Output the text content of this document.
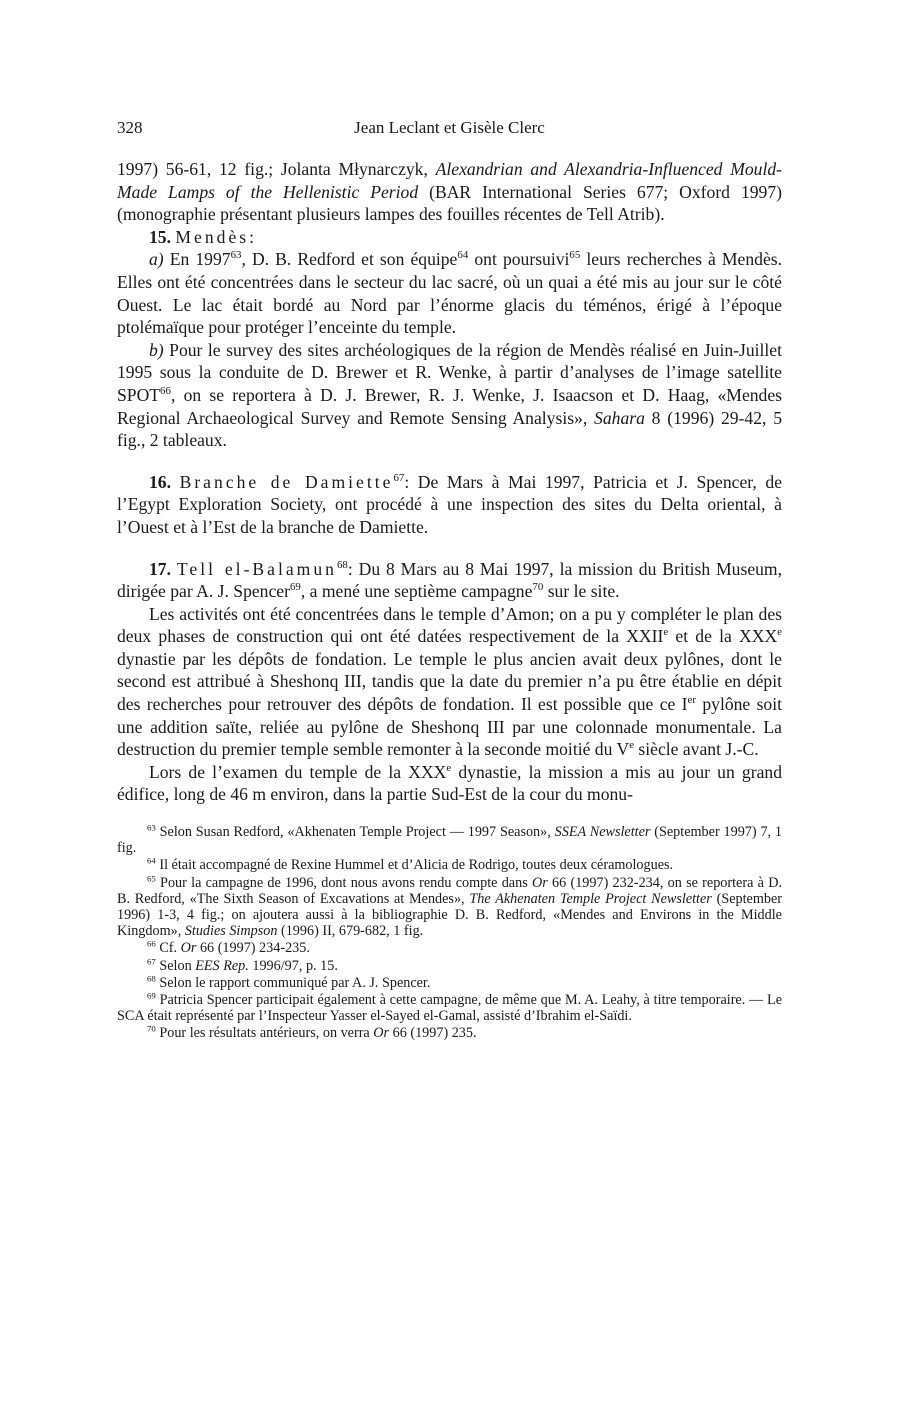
328	Jean Leclant et Gisèle Clerc

1997) 56-61, 12 fig.; Jolanta Młynarczyk, Alexandrian and Alexandria-Influenced Mould-Made Lamps of the Hellenistic Period (BAR International Series 677; Oxford 1997) (monographie présentant plusieurs lampes des fouilles récentes de Tell Atrib).

15. Mendès:

a) En 1997$^{63}$, D. B. Redford et son équipe$^{64}$ ont poursuivi$^{65}$ leurs recherches à Mendès. Elles ont été concentrées dans le secteur du lac sacré, où un quai a été mis au jour sur le côté Ouest. Le lac était bordé au Nord par l’énorme glacis du téménos, érigé à l’époque ptolémaïque pour protéger l’enceinte du temple.

b) Pour le survey des sites archéologiques de la région de Mendès réalisé en Juin-Juillet 1995 sous la conduite de D. Brewer et R. Wenke, à partir d’analyses de l’image satellite SPOT$^{66}$, on se reportera à D. J. Brewer, R. J. Wenke, J. Isaacson et D. Haag, «Mendes Regional Archaeological Survey and Remote Sensing Analysis», Sahara 8 (1996) 29-42, 5 fig., 2 tableaux.

16. Branche de Damiette$^{67}$: De Mars à Mai 1997, Patricia et J. Spencer, de l’Egypt Exploration Society, ont procédé à une inspection des sites du Delta oriental, à l’Ouest et à l’Est de la branche de Damiette.

17. Tell el-Balamun$^{68}$: Du 8 Mars au 8 Mai 1997, la mission du British Museum, dirigée par A. J. Spencer$^{69}$, a mené une septième campagne$^{70}$ sur le site.

Les activités ont été concentrées dans le temple d’Amon; on a pu y compléter le plan des deux phases de construction qui ont été datées respectivement de la XXIIe et de la XXXe dynastie par les dépôts de fondation. Le temple le plus ancien avait deux pylônes, dont le second est attribué à Sheshonq III, tandis que la date du premier n’a pu être établie en dépit des recherches pour retrouver des dépôts de fondation. Il est possible que ce Ier pylône soit une addition saïte, reliée au pylône de Sheshonq III par une colonnade monumentale. La destruction du premier temple semble remonter à la seconde moitié du Ve siècle avant J.-C.

Lors de l’examen du temple de la XXXe dynastie, la mission a mis au jour un grand édifice, long de 46 m environ, dans la partie Sud-Est de la cour du monu-

$^{63}$ Selon Susan Redford, «Akhenaten Temple Project — 1997 Season», SSEA Newsletter (September 1997) 7, 1 fig.

$^{64}$ Il était accompagné de Rexine Hummel et d’Alicia de Rodrigo, toutes deux céramologues.

$^{65}$ Pour la campagne de 1996, dont nous avons rendu compte dans Or 66 (1997) 232-234, on se reportera à D. B. Redford, «The Sixth Season of Excavations at Mendes», The Akhenaten Temple Project Newsletter (September 1996) 1-3, 4 fig.; on ajoutera aussi à la bibliographie D. B. Redford, «Mendes and Environs in the Middle Kingdom», Studies Simpson (1996) II, 679-682, 1 fig.

$^{66}$ Cf. Or 66 (1997) 234-235.

$^{67}$ Selon EES Rep. 1996/97, p. 15.

$^{68}$ Selon le rapport communiqué par A. J. Spencer.

$^{69}$ Patricia Spencer participait également à cette campagne, de même que M. A. Leahy, à titre temporaire. — Le SCA était représenté par l’Inspecteur Yasser el-Sayed el-Gamal, assisté d’Ibrahim el-Saïdi.

$^{70}$ Pour les résultats antérieurs, on verra Or 66 (1997) 235.
